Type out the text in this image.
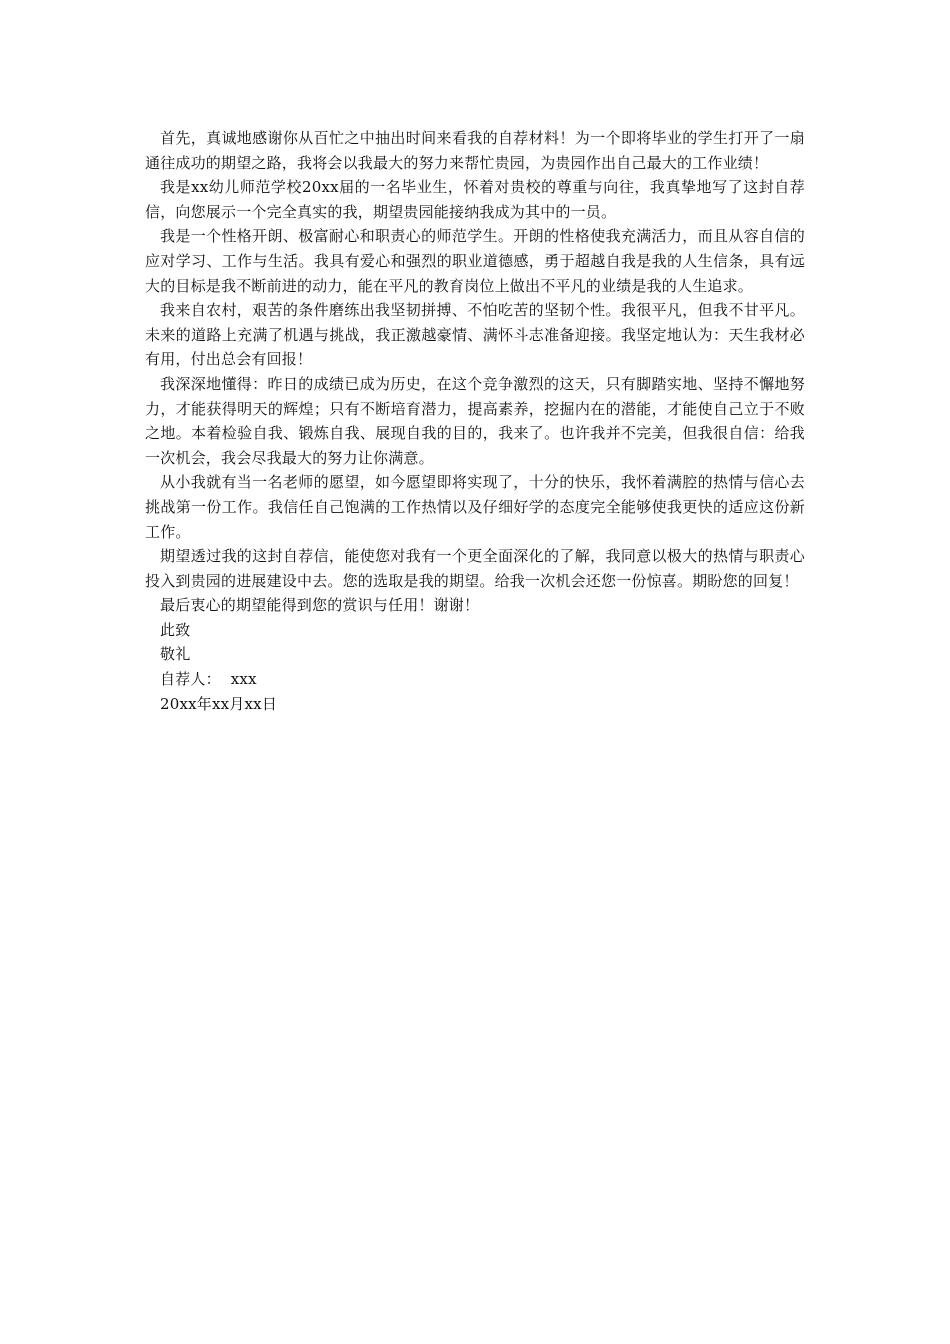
首先，真诚地感谢你从百忙之中抽出时间来看我的自荐材料！为一个即将毕业的学生打开了一扇通往成功的期望之路，我将会以我最大的努力来帮忙贵园，为贵园作出自己最大的工作业绩！

我是xx幼儿师范学校20xx届的一名毕业生，怀着对贵校的尊重与向往，我真挚地写了这封自荐信，向您展示一个完全真实的我，期望贵园能接纳我成为其中的一员。

我是一个性格开朗、极富耐心和职责心的师范学生。开朗的性格使我充满活力，而且从容自信的应对学习、工作与生活。我具有爱心和强烈的职业道德感，勇于超越自我是我的人生信条，具有远大的目标是我不断前进的动力，能在平凡的教育岗位上做出不平凡的业绩是我的人生追求。

我来自农村，艰苦的条件磨练出我坚韧拼搏、不怕吃苦的坚韧个性。我很平凡，但我不甘平凡。未来的道路上充满了机遇与挑战，我正激越豪情、满怀斗志准备迎接。我坚定地认为：天生我材必有用，付出总会有回报！

我深深地懂得：昨日的成绩已成为历史，在这个竞争激烈的这天，只有脚踏实地、坚持不懈地努力，才能获得明天的辉煌；只有不断培育潜力，提高素养，挖掘内在的潜能，才能使自己立于不败之地。本着检验自我、锻炼自我、展现自我的目的，我来了。也许我并不完美，但我很自信：给我一次机会，我会尽我最大的努力让你满意。

从小我就有当一名老师的愿望，如今愿望即将实现了，十分的快乐，我怀着满腔的热情与信心去挑战第一份工作。我信任自己饱满的工作热情以及仔细好学的态度完全能够使我更快的适应这份新工作。

期望透过我的这封自荐信，能使您对我有一个更全面深化的了解，我同意以极大的热情与职责心投入到贵园的进展建设中去。您的选取是我的期望。给我一次机会还您一份惊喜。期盼您的回复！

最后衷心的期望能得到您的赏识与任用！谢谢！

此致

敬礼

自荐人： xxx

20xx年xx月xx日
